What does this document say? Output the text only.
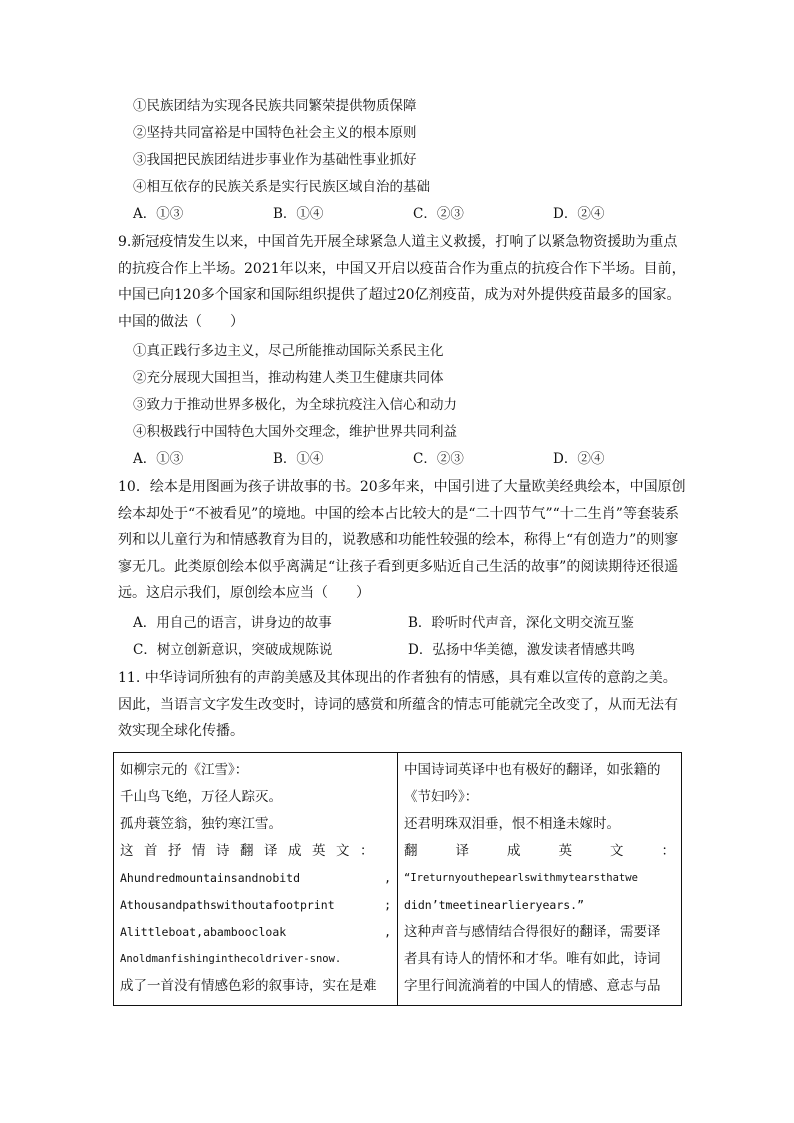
①民族团结为实现各民族共同繁荣提供物质保障
②坚持共同富裕是中国特色社会主义的根本原则
③我国把民族团结进步事业作为基础性事业抓好
④相互依存的民族关系是实行民族区域自治的基础
A．①③	B．①④	C．②③	D．②④
9.新冠疫情发生以来，中国首先开展全球紧急人道主义救援，打响了以紧急物资援助为重点的抗疫合作上半场。2021年以来，中国又开启以疫苗合作为重点的抗疫合作下半场。目前，中国已向120多个国家和国际组织提供了超过20亿剂疫苗，成为对外提供疫苗最多的国家。中国的做法（　　）
①真正践行多边主义，尽己所能推动国际关系民主化
②充分展现大国担当，推动构建人类卫生健康共同体
③致力于推动世界多极化，为全球抗疫注入信心和动力
④积极践行中国特色大国外交理念，维护世界共同利益
A．①③	B．①④	C．②③	D．②④
10．绘本是用图画为孩子讲故事的书。20多年来，中国引进了大量欧美经典绘本，中国原创绘本却处于“不被看见”的境地。中国的绘本占比较大的是“二十四节气”“十二生肖”等套装系列和以儿童行为和情感教育为目的，说教感和功能性较强的绘本，称得上“有创造力”的则寥寥无几。此类原创绘本似乎离满足“让孩子看到更多贴近自己生活的故事”的阅读期待还很遥远。这启示我们，原创绘本应当（　　）
A．用自己的语言，讲身边的故事	B．聆听时代声音，深化文明交流互鉴
C．树立创新意识，突破成规陈说	D．弘扬中华美德，激发读者情感共鸣
11. 中华诗词所独有的声韵美感及其体现出的作者独有的情感，具有难以宣传的意韵之美。因此，当语言文字发生改变时，诗词的感赏和所蕴含的情志可能就完全改变了，从而无法有效实现全球化传播。
如柳宗元的《江雪》：
千山鸟飞绝，万径人踪灭。
孤舟蓑笠翁，独钓寒江雪。
这首抒情诗翻译成英文：
Ahundredmountainsandnobitd	,
Athousandpathswithoutafootprint	;
Alittleboat,abamboocloak	,
Anoldmanfishinginthecoldriver-snow.
成了一首没有情感色彩的叙事诗，实在是难
中国诗词英译中也有极好的翻译，如张籍的
《节妇吟》：
还君明珠双泪垂，恨不相逢未嫁时。
翻译成英文：
“Ireturnyouthepearlswithmytearsthatwe
didn’tmeetinearlieryears.”
这种声音与感情结合得很好的翻译，需要译
者具有诗人的情怀和才华。唯有如此，诗词
字里行间流淌着的中国人的情感、意志与品
